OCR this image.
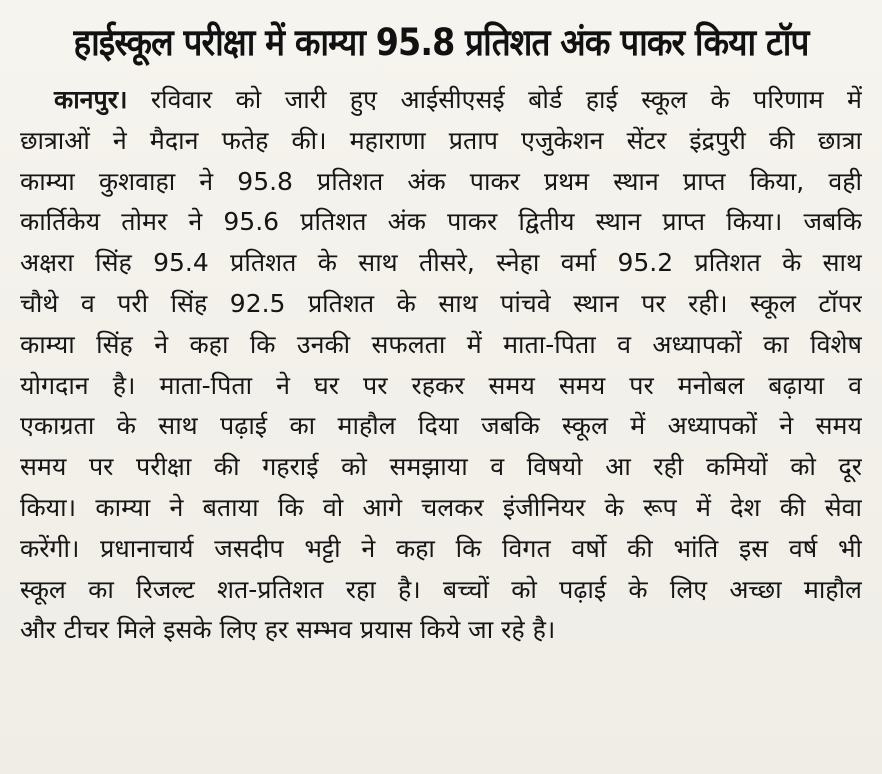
हाईस्कूल परीक्षा में काम्या 95.8 प्रतिशत अंक पाकर किया टॉप
कानपुर। रविवार को जारी हुए आईसीएसई बोर्ड हाई स्कूल के परिणाम में
छात्राओं ने मैदान फतेह की। महाराणा प्रताप एजुकेशन सेंटर इंद्रपुरी की छात्रा
काम्या कुशवाहा ने 95.8 प्रतिशत अंक पाकर प्रथम स्थान प्राप्त किया, वही
कार्तिकेय तोमर ने 95.6 प्रतिशत अंक पाकर द्वितीय स्थान प्राप्त किया। जबकि
अक्षरा सिंह 95.4 प्रतिशत के साथ तीसरे, स्नेहा वर्मा 95.2 प्रतिशत के साथ
चौथे व परी सिंह 92.5 प्रतिशत के साथ पांचवे स्थान पर रही। स्कूल टॉपर
काम्या सिंह ने कहा कि उनकी सफलता में माता-पिता व अध्यापकों का विशेष
योगदान है। माता-पिता ने घर पर रहकर समय समय पर मनोबल बढ़ाया व
एकाग्रता के साथ पढ़ाई का माहौल दिया जबकि स्कूल में अध्यापकों ने समय
समय पर परीक्षा की गहराई को समझाया व विषयो आ रही कमियों को दूर
किया। काम्या ने बताया कि वो आगे चलकर इंजीनियर के रूप में देश की सेवा
करेंगी। प्रधानाचार्य जसदीप भट्टी ने कहा कि विगत वर्षो की भांति इस वर्ष भी
स्कूल का रिजल्ट शत-प्रतिशत रहा है। बच्चों को पढ़ाई के लिए अच्छा माहौल
और टीचर मिले इसके लिए हर सम्भव प्रयास किये जा रहे है।
